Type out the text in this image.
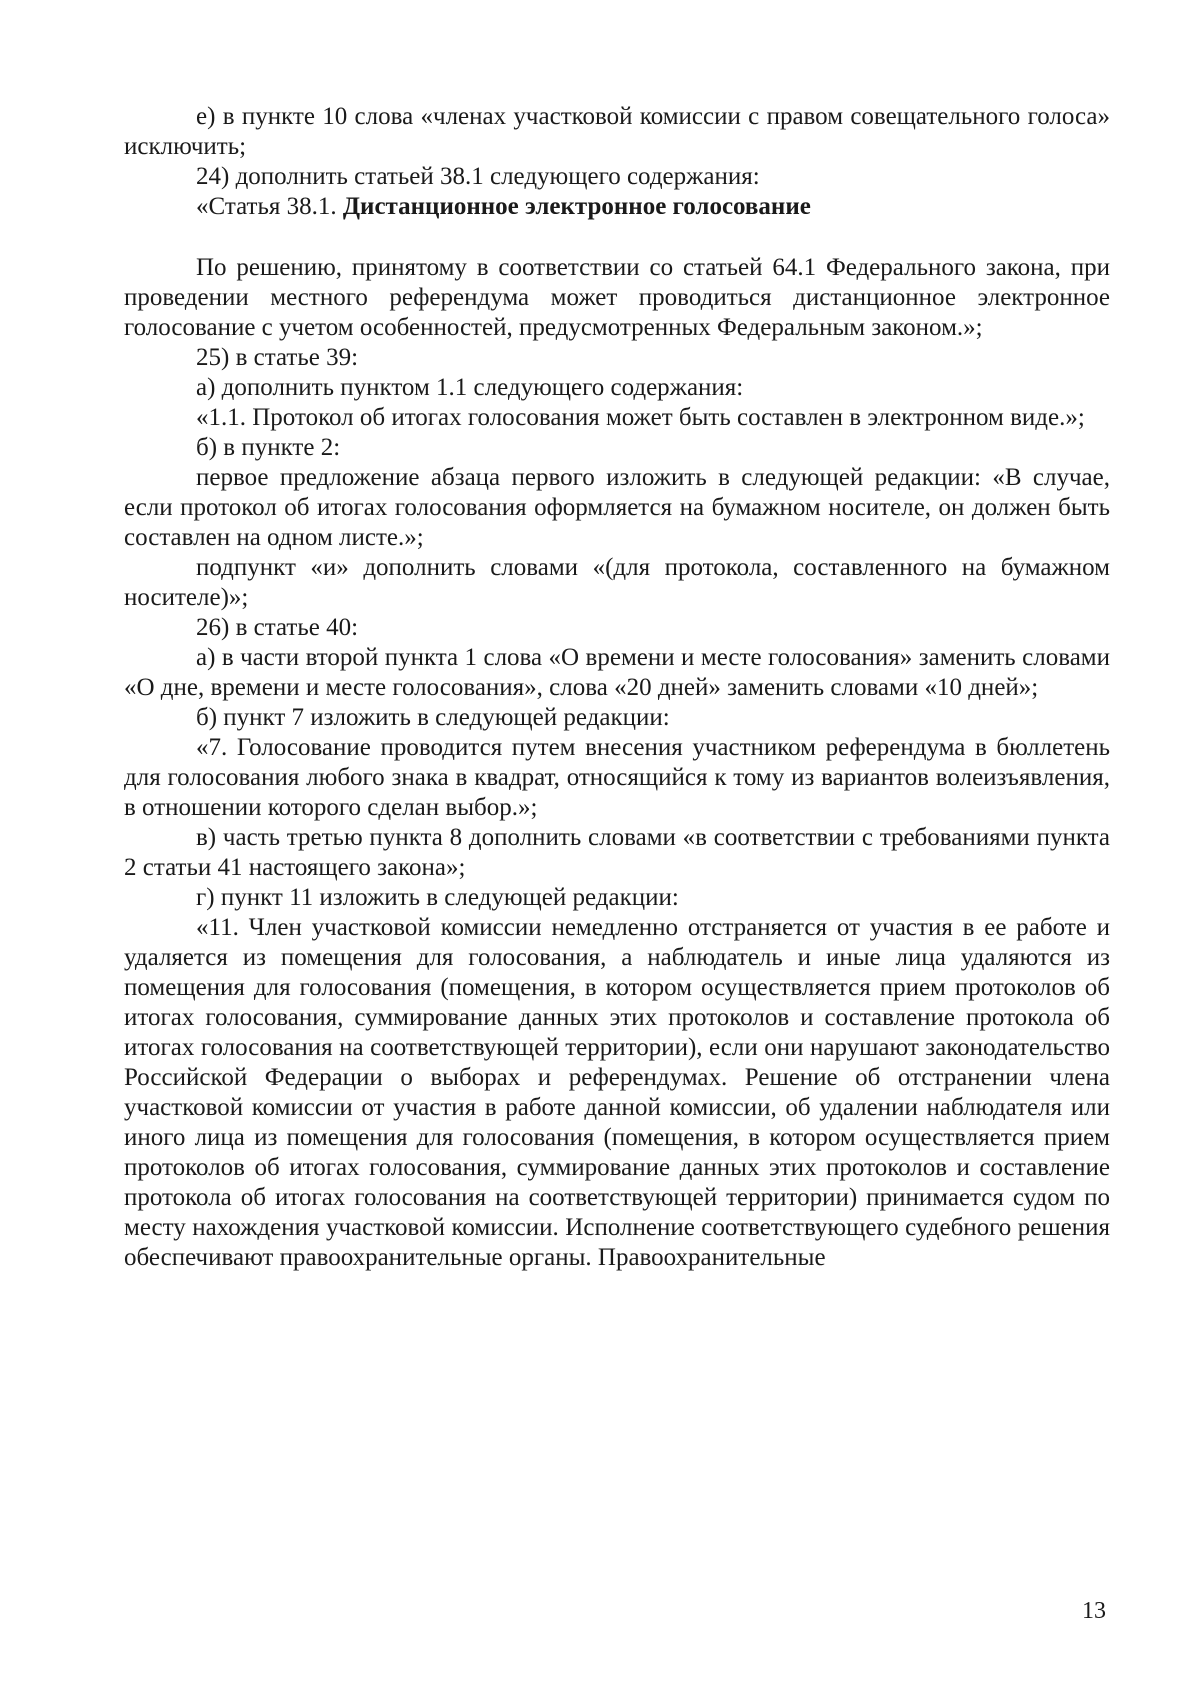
е) в пункте 10 слова «членах участковой комиссии с правом совещательного голоса» исключить;

24) дополнить статьей 38.1 следующего содержания:

«Статья 38.1. Дистанционное электронное голосование

По решению, принятому в соответствии со статьей 64.1 Федерального закона, при проведении местного референдума может проводиться дистанционное электронное голосование с учетом особенностей, предусмотренных Федеральным законом.»;

25) в статье 39:

а) дополнить пунктом 1.1 следующего содержания:

«1.1. Протокол об итогах голосования может быть составлен в электронном виде.»;

б) в пункте 2:

первое предложение абзаца первого изложить в следующей редакции: «В случае, если протокол об итогах голосования оформляется на бумажном носителе, он должен быть составлен на одном листе.»;

подпункт «и» дополнить словами «(для протокола, составленного на бумажном носителе)»;

26) в статье 40:

а) в части второй пункта 1 слова «О времени и месте голосования» заменить словами «О дне, времени и месте голосования», слова «20 дней» заменить словами «10 дней»;

б) пункт 7 изложить в следующей редакции:

«7. Голосование проводится путем внесения участником референдума в бюллетень для голосования любого знака в квадрат, относящийся к тому из вариантов волеизъявления, в отношении которого сделан выбор.»;

в) часть третью пункта 8 дополнить словами «в соответствии с требованиями пункта 2 статьи 41 настоящего закона»;

г) пункт 11 изложить в следующей редакции:

«11. Член участковой комиссии немедленно отстраняется от участия в ее работе и удаляется из помещения для голосования, а наблюдатель и иные лица удаляются из помещения для голосования (помещения, в котором осуществляется прием протоколов об итогах голосования, суммирование данных этих протоколов и составление протокола об итогах голосования на соответствующей территории), если они нарушают законодательство Российской Федерации о выборах и референдумах. Решение об отстранении члена участковой комиссии от участия в работе данной комиссии, об удалении наблюдателя или иного лица из помещения для голосования (помещения, в котором осуществляется прием протоколов об итогах голосования, суммирование данных этих протоколов и составление протокола об итогах голосования на соответствующей территории) принимается судом по месту нахождения участковой комиссии. Исполнение соответствующего судебного решения обеспечивают правоохранительные органы. Правоохранительные

13
